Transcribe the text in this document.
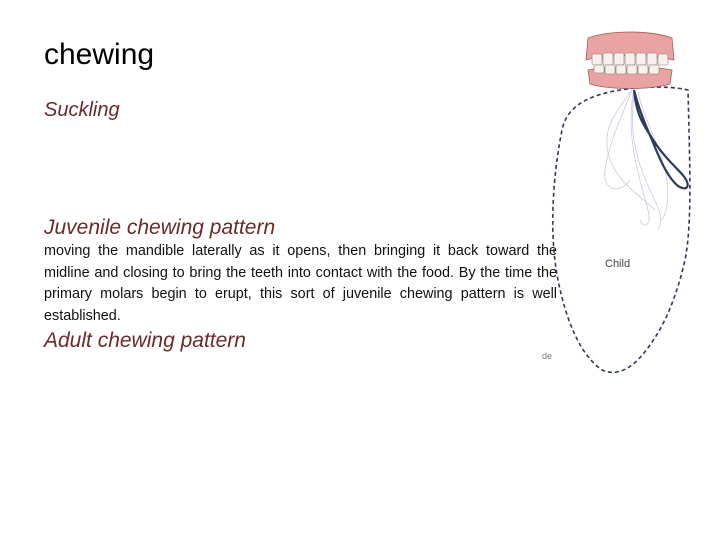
chewing
Suckling
Juvenile chewing pattern
moving the mandible laterally as it opens, then bringing it back toward the midline and closing to bring the teeth into contact with the food. By the time the primary molars begin to erupt, this sort of juvenile chewing pattern is well established.
Adult chewing pattern
Child
de
